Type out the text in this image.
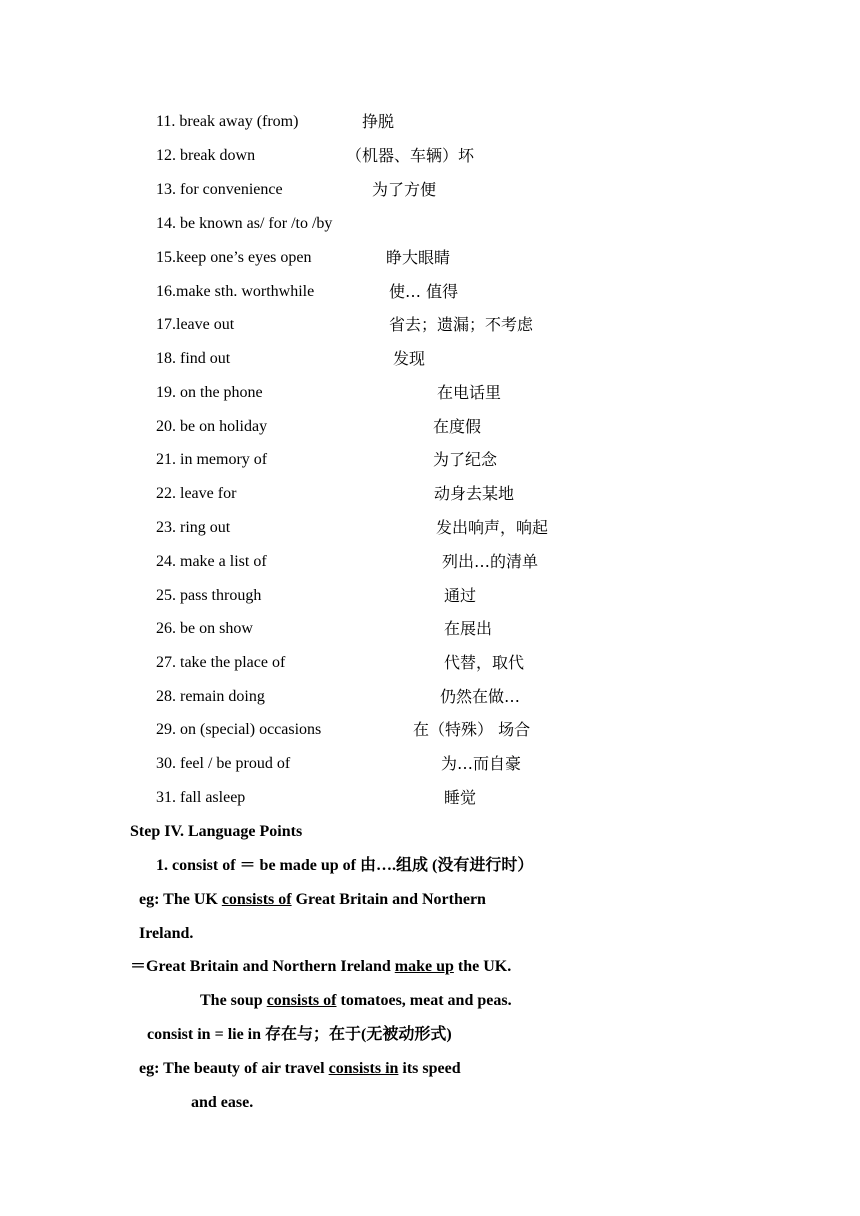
11. break away (from)	挣脱
12. break down	（机器、车辆）坏
13. for convenience	为了方便
14. be known as/ for /to /by
15.keep one’s eyes open	睁大眼睛
16.make sth. worthwhile	使… 值得
17.leave out	省去；遗漏；不考虑
18. find out	发现
19. on the phone	在电话里
20. be on holiday	在度假
21. in memory of	为了纪念
22. leave for	动身去某地
23. ring out	发出响声，响起
24. make a list of	列出…的清单
25. pass through	通过
26. be on show	在展出
27. take the place of	代替，取代
28. remain doing	仍然在做…
29. on (special) occasions	在（特殊） 场合
30. feel / be proud of	为…而自豪
31. fall asleep	睡觉
Step IV. Language Points
1. consist of ＝ be made up of 由….组成 (没有进行时）
eg: The UK consists of Great Britain and Northern
Ireland.
＝Great Britain and Northern Ireland make up the UK.
The soup consists of tomatoes, meat and peas.
consist in = lie in 存在与；在于(无被动形式)
eg: The beauty of air travel consists in its speed
and ease.
